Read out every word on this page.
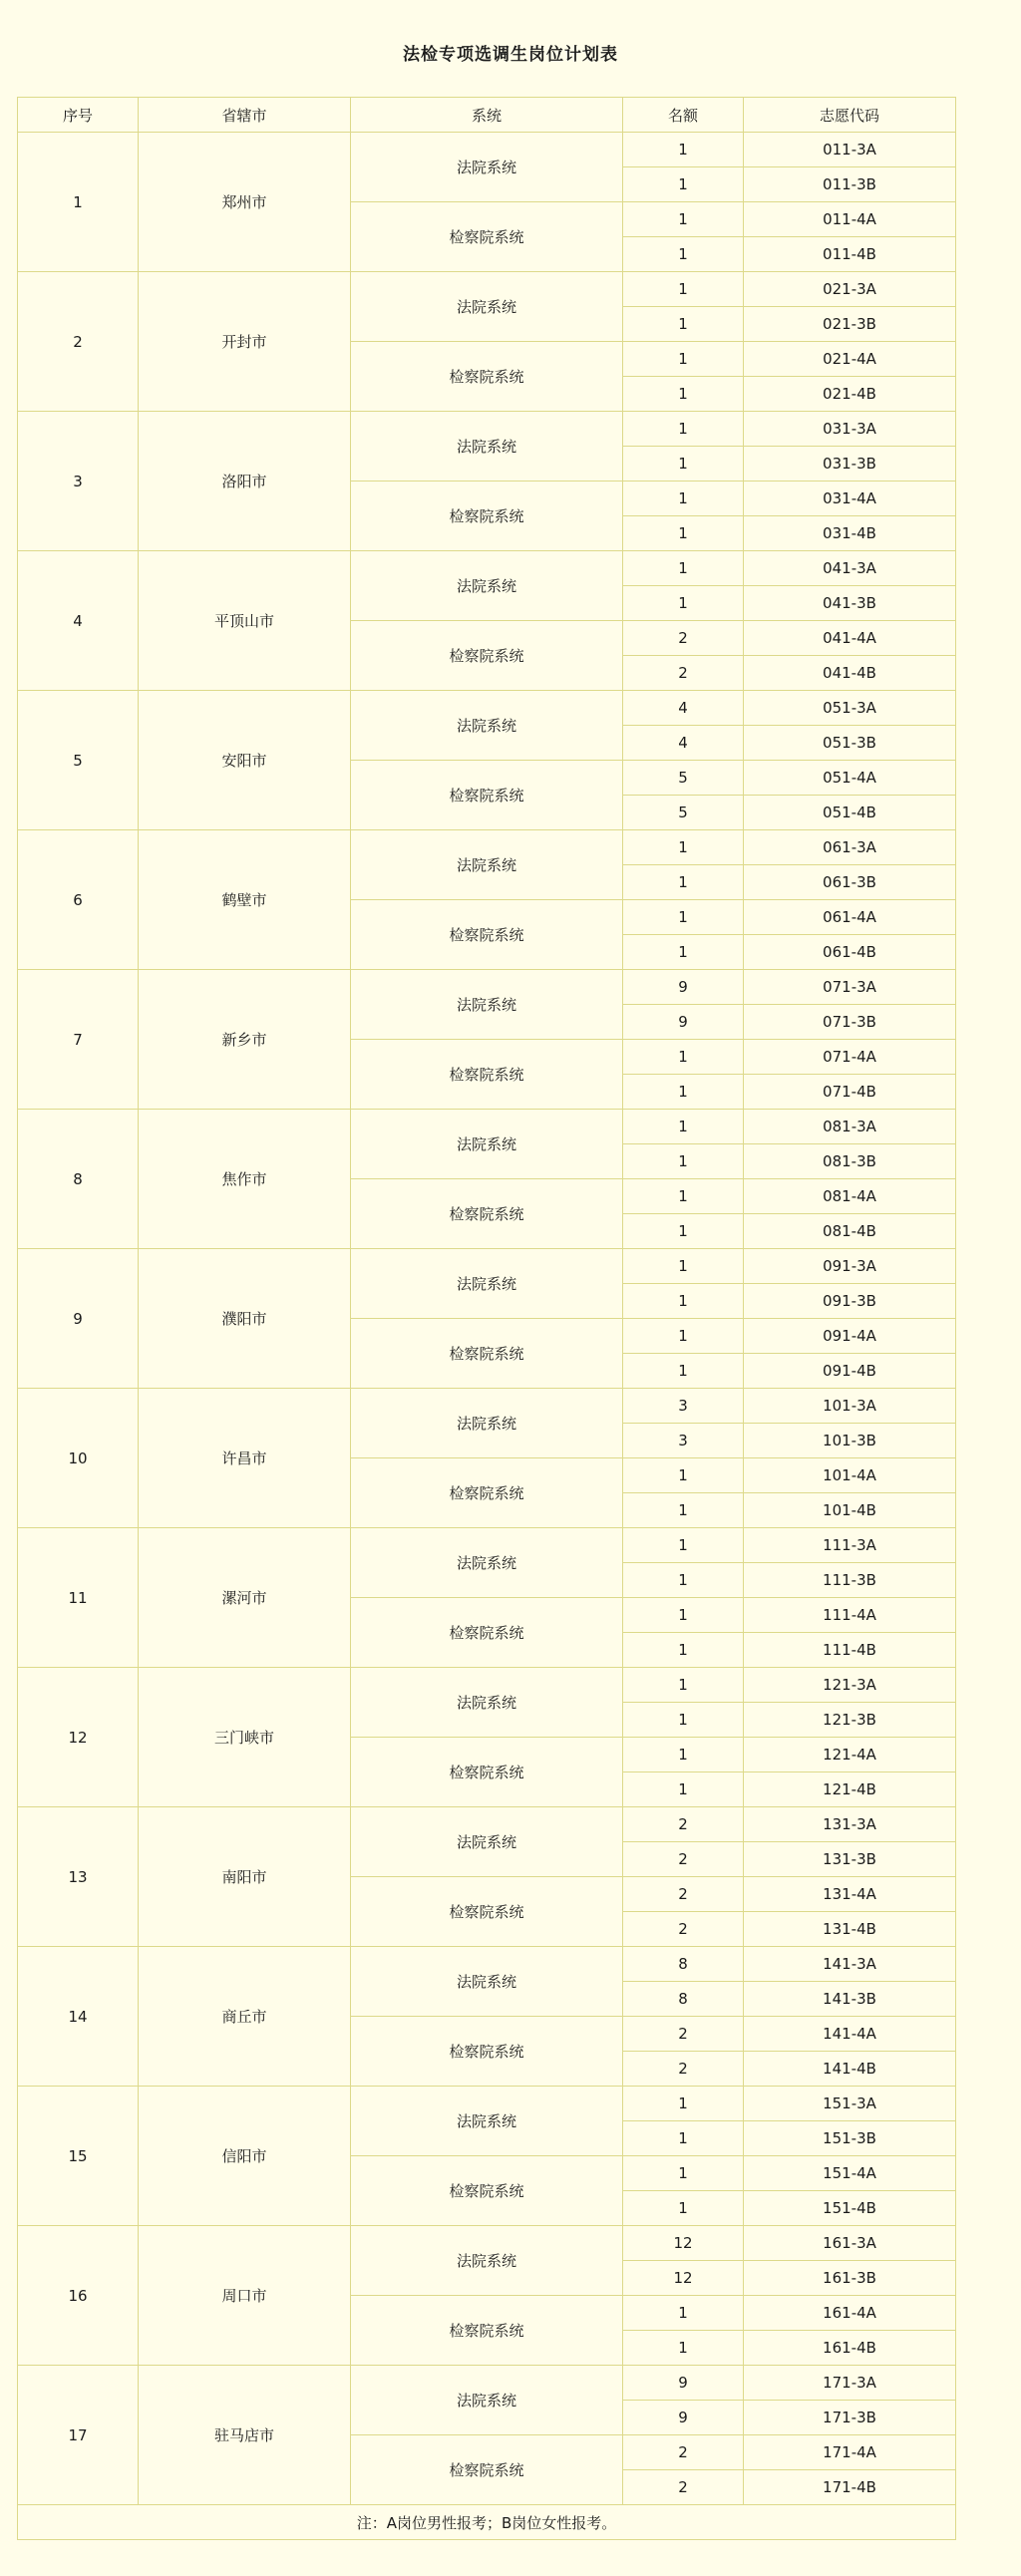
法检专项选调生岗位计划表
序号	省辖市	系统	名额	志愿代码
1	郑州市	法院系统	1	011-3A
			1	011-3B
		检察院系统	1	011-4A
			1	011-4B
2	开封市	法院系统	1	021-3A
			1	021-3B
		检察院系统	1	021-4A
			1	021-4B
3	洛阳市	法院系统	1	031-3A
			1	031-3B
		检察院系统	1	031-4A
			1	031-4B
4	平顶山市	法院系统	1	041-3A
			1	041-3B
		检察院系统	2	041-4A
			2	041-4B
5	安阳市	法院系统	4	051-3A
			4	051-3B
		检察院系统	5	051-4A
			5	051-4B
6	鹤壁市	法院系统	1	061-3A
			1	061-3B
		检察院系统	1	061-4A
			1	061-4B
7	新乡市	法院系统	9	071-3A
			9	071-3B
		检察院系统	1	071-4A
			1	071-4B
8	焦作市	法院系统	1	081-3A
			1	081-3B
		检察院系统	1	081-4A
			1	081-4B
9	濮阳市	法院系统	1	091-3A
			1	091-3B
		检察院系统	1	091-4A
			1	091-4B
10	许昌市	法院系统	3	101-3A
			3	101-3B
		检察院系统	1	101-4A
			1	101-4B
11	漯河市	法院系统	1	111-3A
			1	111-3B
		检察院系统	1	111-4A
			1	111-4B
12	三门峡市	法院系统	1	121-3A
			1	121-3B
		检察院系统	1	121-4A
			1	121-4B
13	南阳市	法院系统	2	131-3A
			2	131-3B
		检察院系统	2	131-4A
			2	131-4B
14	商丘市	法院系统	8	141-3A
			8	141-3B
		检察院系统	2	141-4A
			2	141-4B
15	信阳市	法院系统	1	151-3A
			1	151-3B
		检察院系统	1	151-4A
			1	151-4B
16	周口市	法院系统	12	161-3A
			12	161-3B
		检察院系统	1	161-4A
			1	161-4B
17	驻马店市	法院系统	9	171-3A
			9	171-3B
		检察院系统	2	171-4A
			2	171-4B
注：A岗位男性报考；B岗位女性报考。				
